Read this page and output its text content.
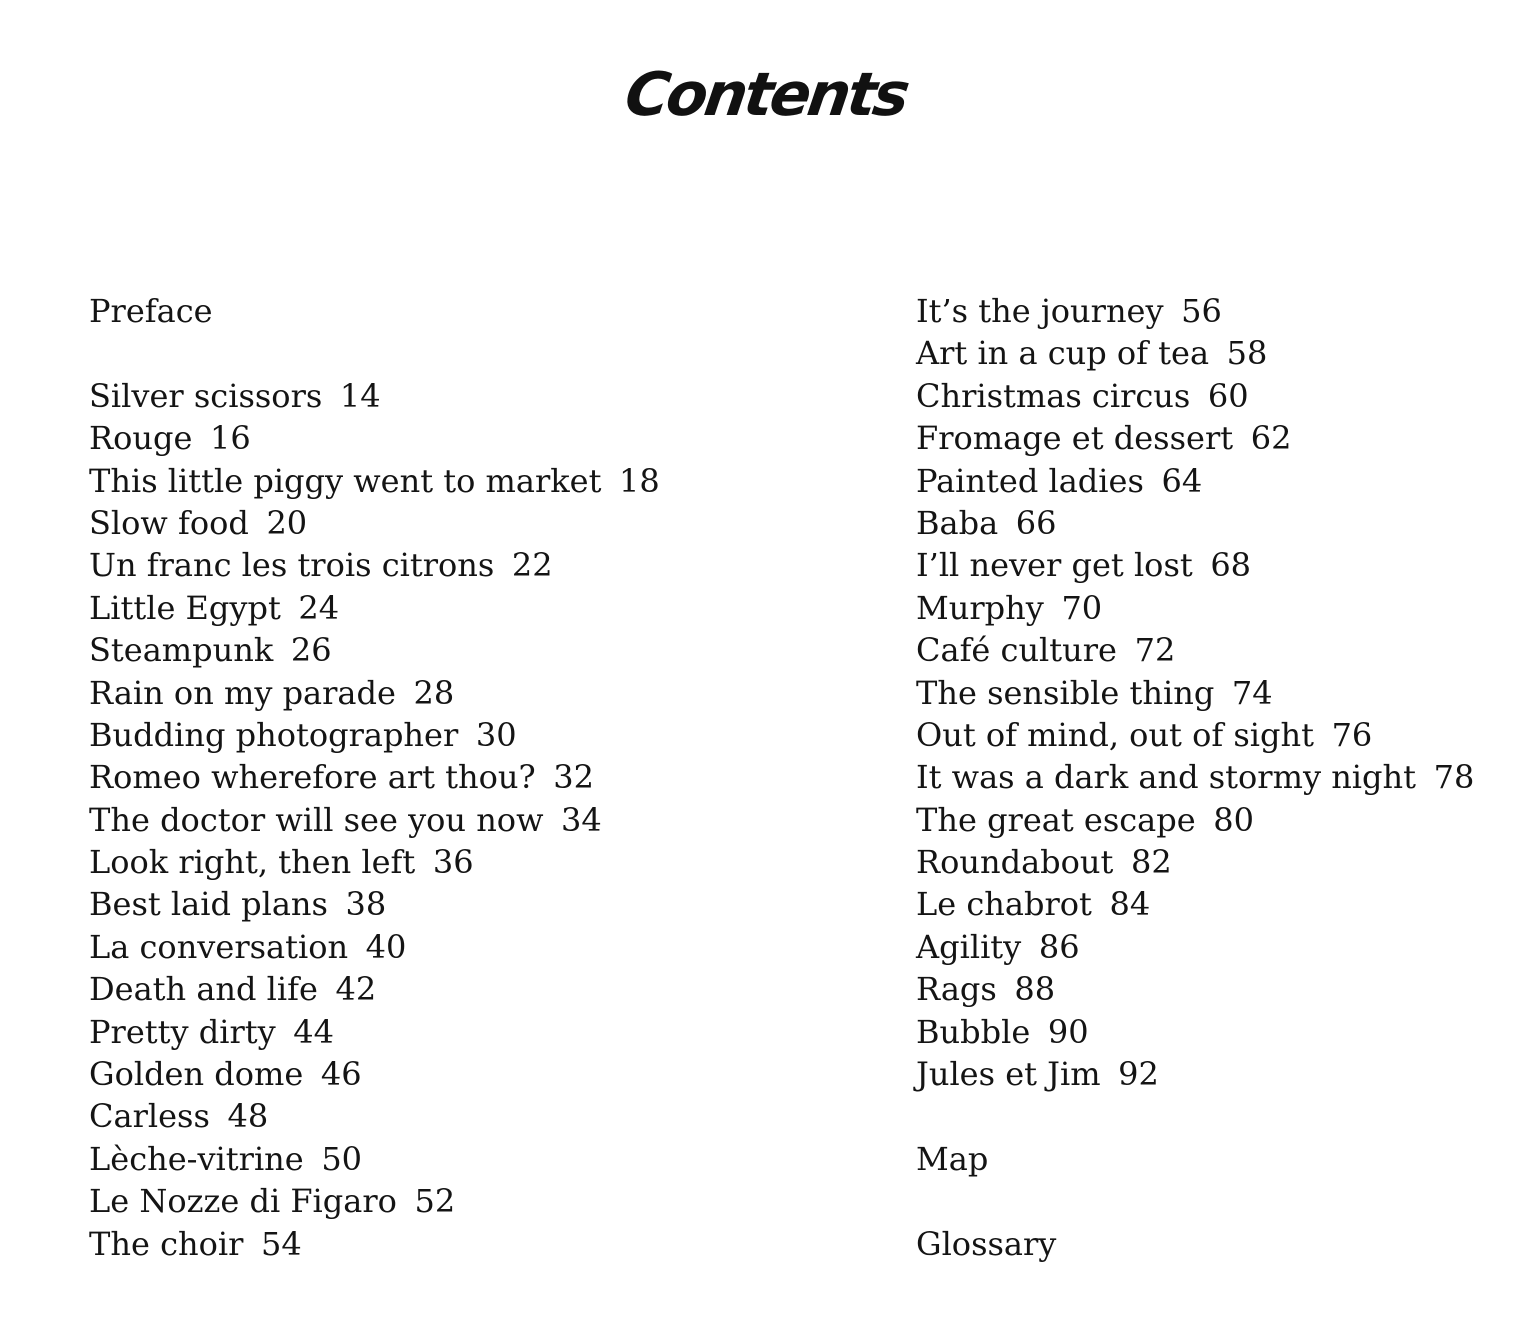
Contents
Preface
Silver scissors 14
Rouge 16
This little piggy went to market 18
Slow food 20
Un franc les trois citrons 22
Little Egypt 24
Steampunk 26
Rain on my parade 28
Budding photographer 30
Romeo wherefore art thou? 32
The doctor will see you now 34
Look right, then left 36
Best laid plans 38
La conversation 40
Death and life 42
Pretty dirty 44
Golden dome 46
Carless 48
Lèche-vitrine 50
Le Nozze di Figaro 52
The choir 54
It’s the journey 56
Art in a cup of tea 58
Christmas circus 60
Fromage et dessert 62
Painted ladies 64
Baba 66
I’ll never get lost 68
Murphy 70
Café culture 72
The sensible thing 74
Out of mind, out of sight 76
It was a dark and stormy night 78
The great escape 80
Roundabout 82
Le chabrot 84
Agility 86
Rags 88
Bubble 90
Jules et Jim 92
Map
Glossary
